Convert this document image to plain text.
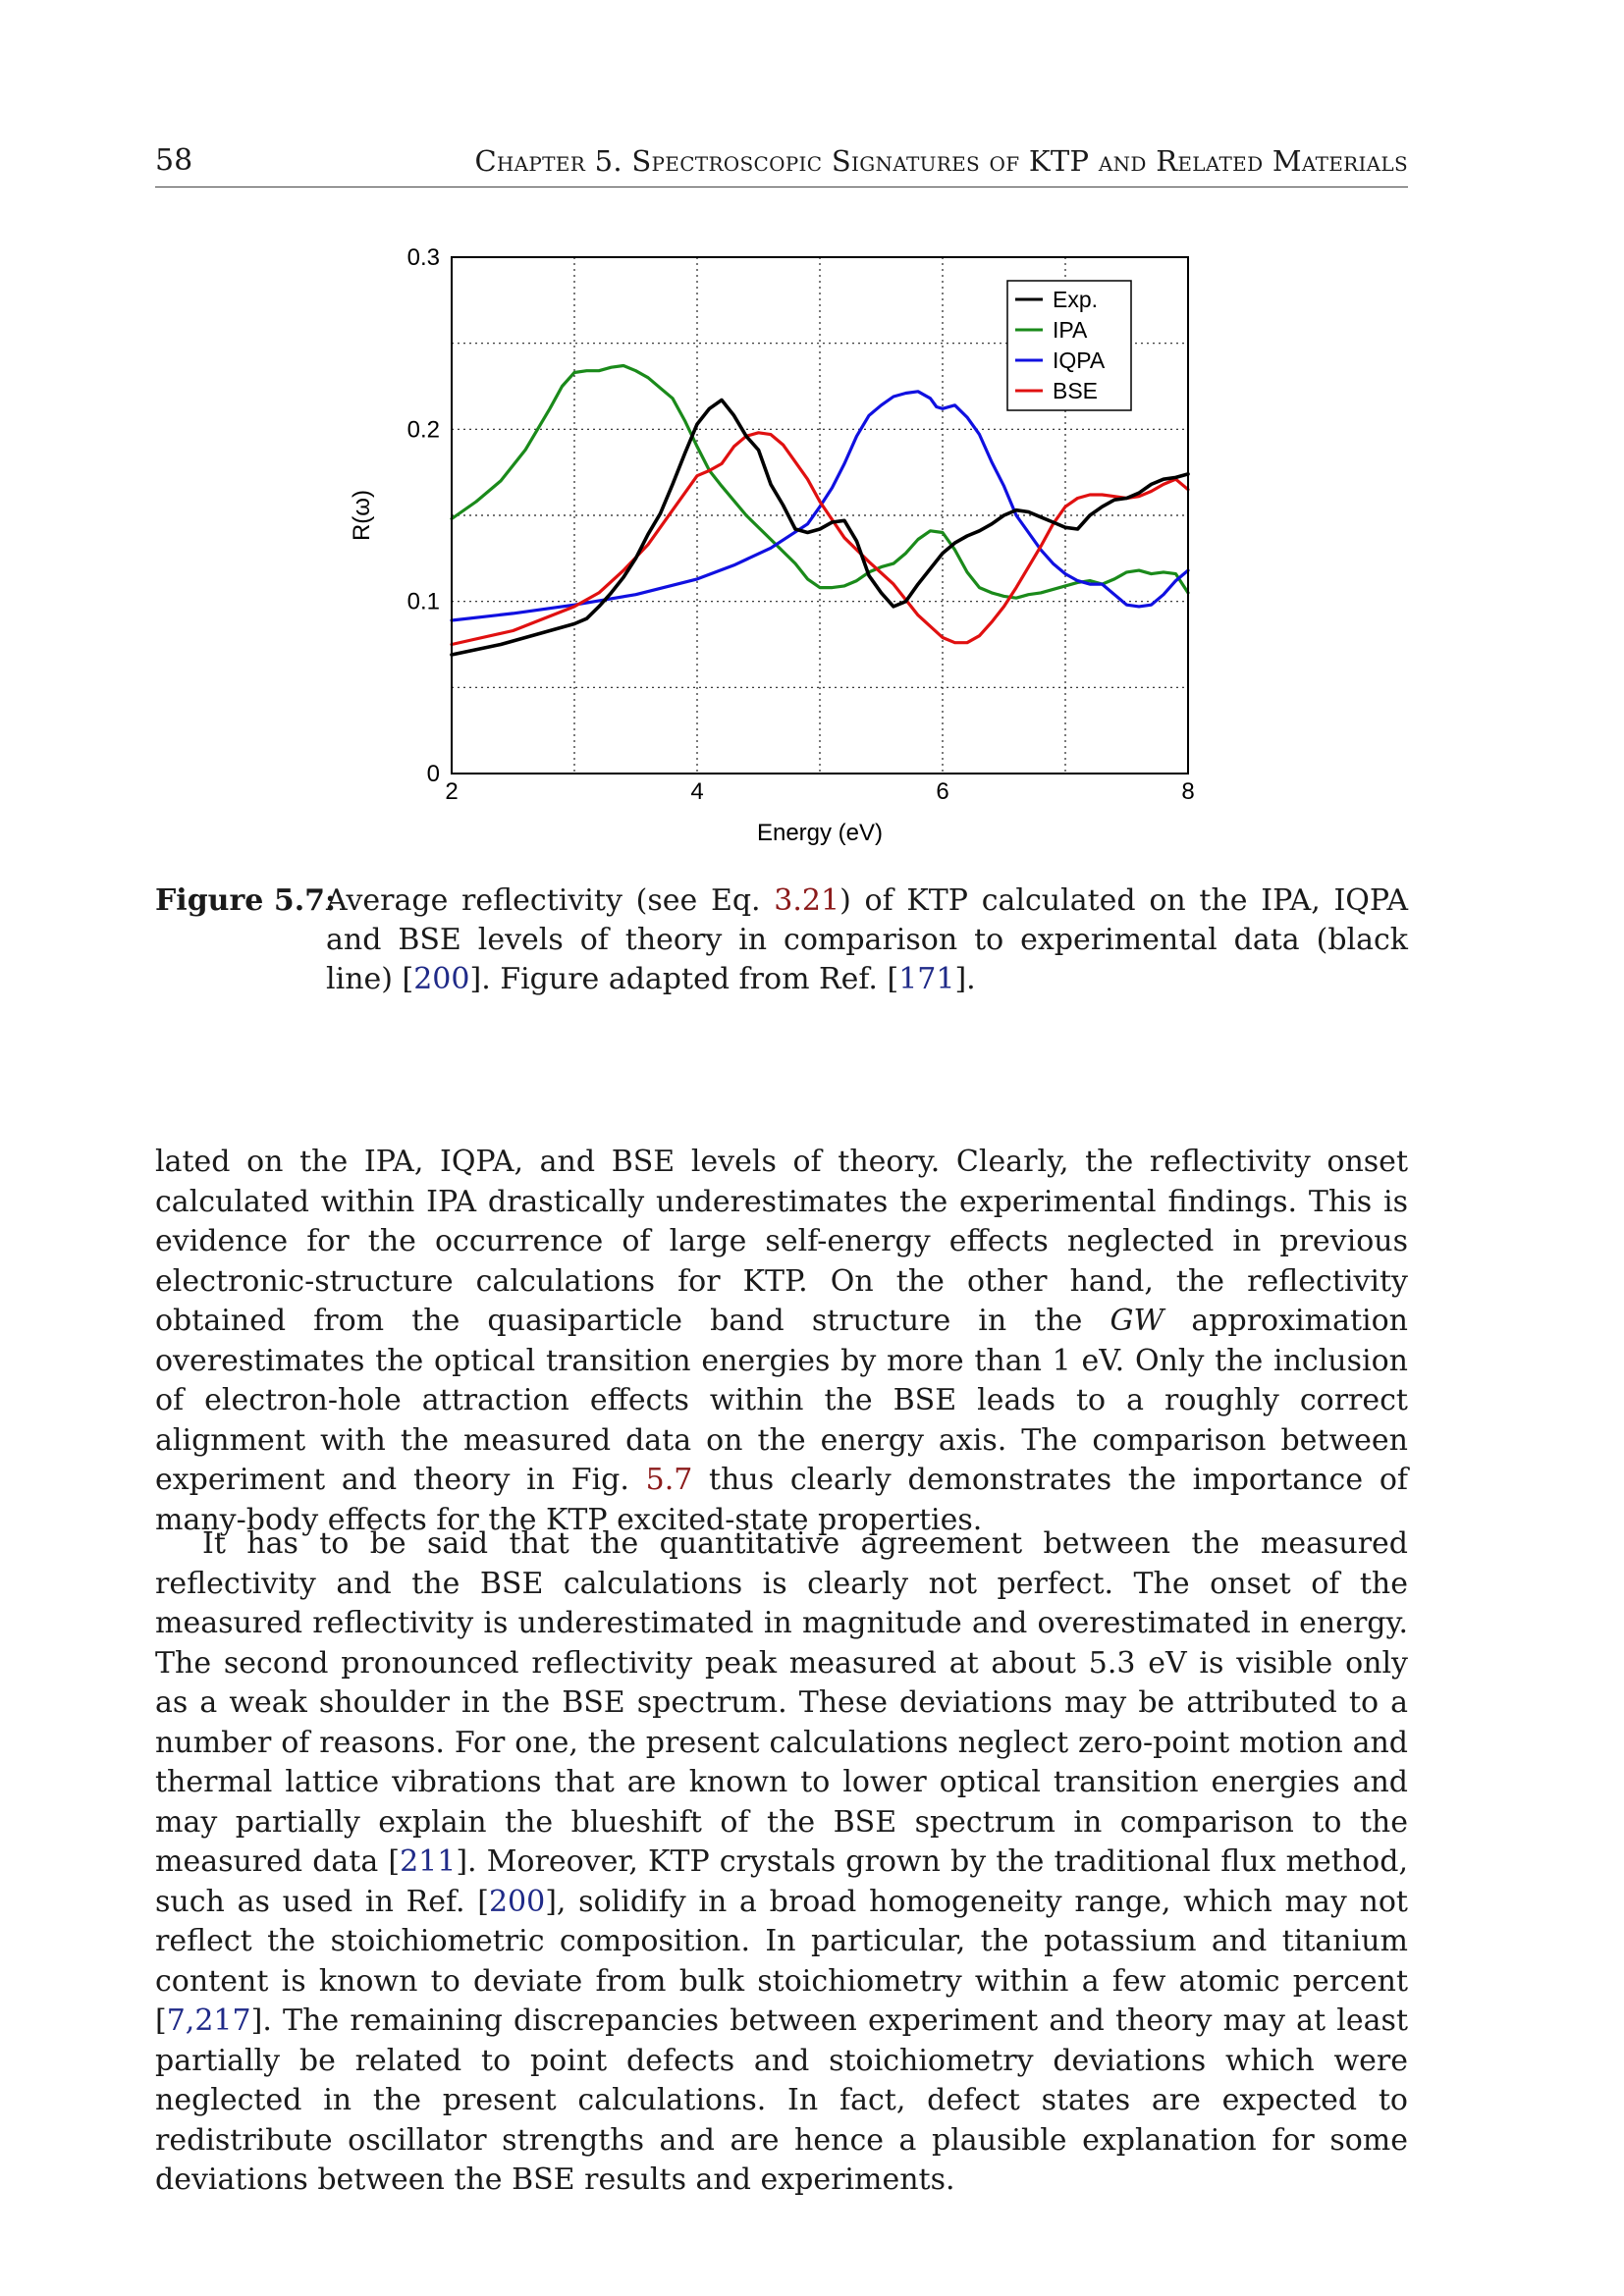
58	Chapter 5. Spectroscopic Signatures of KTP and Related Materials
2	4	6	8
0
0.1
0.2
0.3
Energy (eV)
R(ω)
Exp.
IPA
IQPA
BSE
Figure 5.7:
Average reflectivity (see Eq. 3.21) of KTP calculated on the IPA, IQPA and BSE levels of theory in comparison to experimental data (black line) [200]. Figure adapted from Ref. [171].

lated on the IPA, IQPA, and BSE levels of theory. Clearly, the reflectivity onset calculated within IPA drastically underestimates the experimental findings. This is evidence for the occurrence of large self-energy effects neglected in previous electronic-structure calculations for KTP. On the other hand, the reflectivity obtained from the quasiparticle band structure in the GW approximation overestimates the optical transition energies by more than 1 eV. Only the inclusion of electron-hole attraction effects within the BSE leads to a roughly correct alignment with the measured data on the energy axis. The comparison between experiment and theory in Fig. 5.7 thus clearly demonstrates the importance of many-body effects for the KTP excited-state properties.

It has to be said that the quantitative agreement between the measured reflectivity and the BSE calculations is clearly not perfect. The onset of the measured reflectivity is underestimated in magnitude and overestimated in energy. The second pronounced reflectivity peak measured at about 5.3 eV is visible only as a weak shoulder in the BSE spectrum. These deviations may be attributed to a number of reasons. For one, the present calculations neglect zero-point motion and thermal lattice vibrations that are known to lower optical transition energies and may partially explain the blueshift of the BSE spectrum in comparison to the measured data [211]. Moreover, KTP crystals grown by the traditional flux method, such as used in Ref. [200], solidify in a broad homogeneity range, which may not reflect the stoichiometric composition. In particular, the potassium and titanium content is known to deviate from bulk stoichiometry within a few atomic percent [7,217]. The remaining discrepancies between experiment and theory may at least partially be related to point defects and stoichiometry deviations which were neglected in the present calculations. In fact, defect states are expected to redistribute oscillator strengths and are hence a plausible explanation for some deviations between the BSE results and experiments.
